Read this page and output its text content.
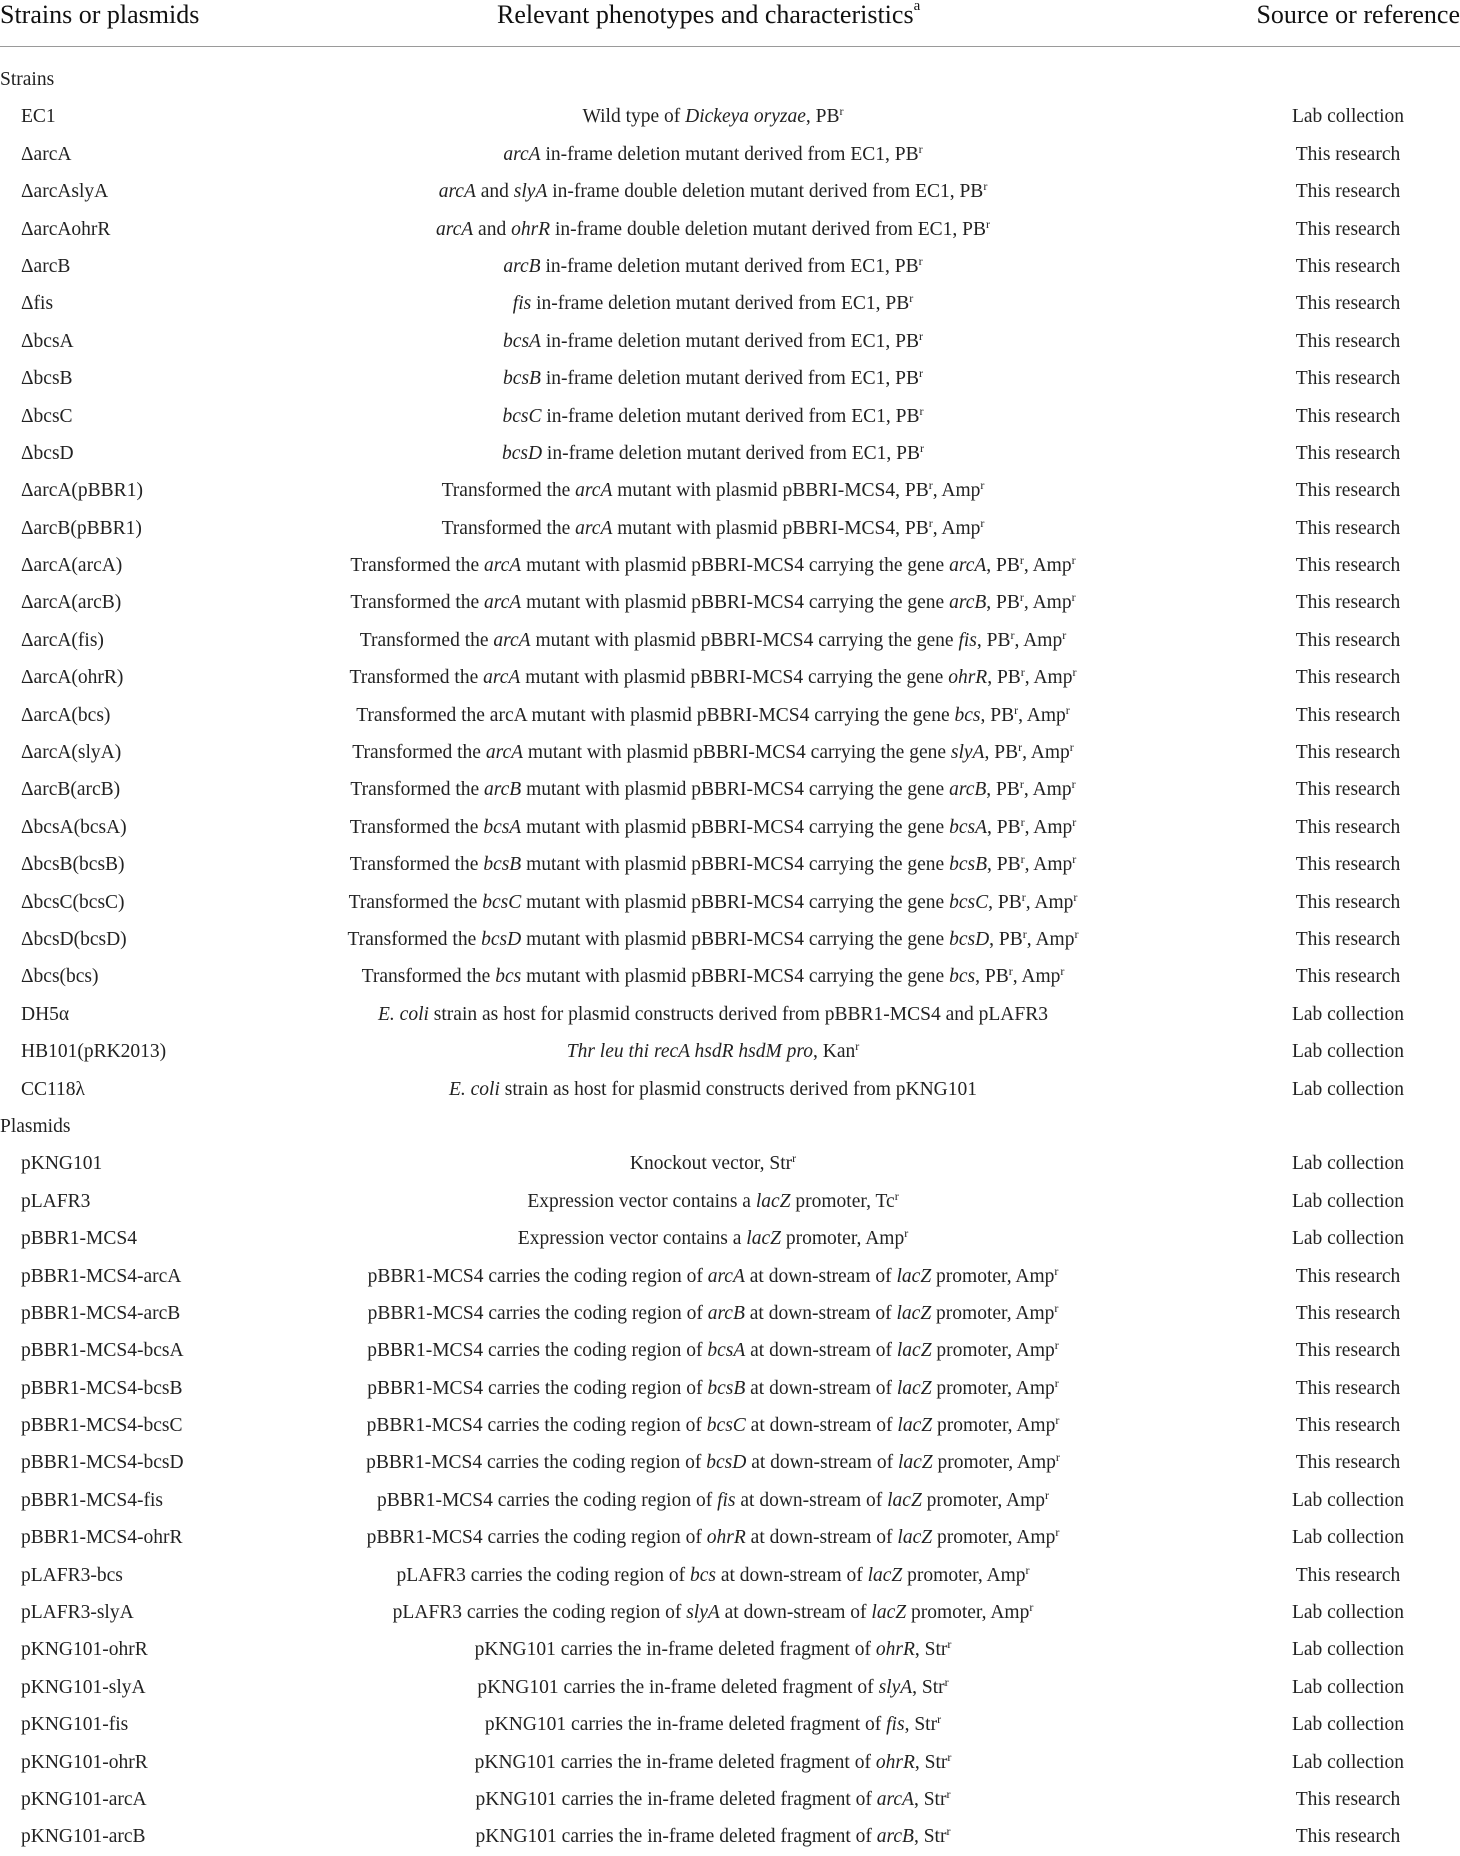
Strains or plasmids	Relevant phenotypes and characteristics$^a$	Source or reference
Strains
EC1	Wild type of Dickeya oryzae, $PB^r$	Lab collection
ΔarcA	arcA in-frame deletion mutant derived from EC1, $PB^r$	This research
ΔarcAslyA	arcA and slyA in-frame double deletion mutant derived from EC1, $PB^r$	This research
ΔarcAohrR	arcA and ohrR in-frame double deletion mutant derived from EC1, $PB^r$	This research
ΔarcB	arcB in-frame deletion mutant derived from EC1, $PB^r$	This research
Δfis	fis in-frame deletion mutant derived from EC1, $PB^r$	This research
ΔbcsA	bcsA in-frame deletion mutant derived from EC1, $PB^r$	This research
ΔbcsB	bcsB in-frame deletion mutant derived from EC1, $PB^r$	This research
ΔbcsC	bcsC in-frame deletion mutant derived from EC1, $PB^r$	This research
ΔbcsD	bcsD in-frame deletion mutant derived from EC1, $PB^r$	This research
ΔarcA(pBBR1)	Transformed the arcA mutant with plasmid pBBRI-MCS4, $PB^r$, Amp$^r$	This research
ΔarcB(pBBR1)	Transformed the arcA mutant with plasmid pBBRI-MCS4, $PB^r$, Amp$^r$	This research
ΔarcA(arcA)	Transformed the arcA mutant with plasmid pBBRI-MCS4 carrying the gene arcA, $PB^r$, Amp$^r$	This research
ΔarcA(arcB)	Transformed the arcA mutant with plasmid pBBRI-MCS4 carrying the gene arcB, $PB^r$, Amp$^r$	This research
ΔarcA(fis)	Transformed the arcA mutant with plasmid pBBRI-MCS4 carrying the gene fis, $PB^r$, Amp$^r$	This research
ΔarcA(ohrR)	Transformed the arcA mutant with plasmid pBBRI-MCS4 carrying the gene ohrR, $PB^r$, Amp$^r$	This research
ΔarcA(bcs)	Transformed the arcA mutant with plasmid pBBRI-MCS4 carrying the gene bcs, $PB^r$, Amp$^r$	This research
ΔarcA(slyA)	Transformed the arcA mutant with plasmid pBBRI-MCS4 carrying the gene slyA, $PB^r$, Amp$^r$	This research
ΔarcB(arcB)	Transformed the arcB mutant with plasmid pBBRI-MCS4 carrying the gene arcB, $PB^r$, Amp$^r$	This research
ΔbcsA(bcsA)	Transformed the bcsA mutant with plasmid pBBRI-MCS4 carrying the gene bcsA, $PB^r$, Amp$^r$	This research
ΔbcsB(bcsB)	Transformed the bcsB mutant with plasmid pBBRI-MCS4 carrying the gene bcsB, $PB^r$, Amp$^r$	This research
ΔbcsC(bcsC)	Transformed the bcsC mutant with plasmid pBBRI-MCS4 carrying the gene bcsC, $PB^r$, Amp$^r$	This research
ΔbcsD(bcsD)	Transformed the bcsD mutant with plasmid pBBRI-MCS4 carrying the gene bcsD, $PB^r$, Amp$^r$	This research
Δbcs(bcs)	Transformed the bcs mutant with plasmid pBBRI-MCS4 carrying the gene bcs, $PB^r$, Amp$^r$	This research
DH5α	E. coli strain as host for plasmid constructs derived from pBBR1-MCS4 and pLAFR3	Lab collection
HB101(pRK2013)	Thr leu thi recA hsdR hsdM pro, Kan$^r$	Lab collection
CC118λ	E. coli strain as host for plasmid constructs derived from pKNG101	Lab collection
Plasmids
pKNG101	Knockout vector, Str$^r$	Lab collection
pLAFR3	Expression vector contains a lacZ promoter, Tc$^r$	Lab collection
pBBR1-MCS4	Expression vector contains a lacZ promoter, Amp$^r$	Lab collection
pBBR1-MCS4-arcA	pBBR1-MCS4 carries the coding region of arcA at down-stream of lacZ promoter, Amp$^r$	This research
pBBR1-MCS4-arcB	pBBR1-MCS4 carries the coding region of arcB at down-stream of lacZ promoter, Amp$^r$	This research
pBBR1-MCS4-bcsA	pBBR1-MCS4 carries the coding region of bcsA at down-stream of lacZ promoter, Amp$^r$	This research
pBBR1-MCS4-bcsB	pBBR1-MCS4 carries the coding region of bcsB at down-stream of lacZ promoter, Amp$^r$	This research
pBBR1-MCS4-bcsC	pBBR1-MCS4 carries the coding region of bcsC at down-stream of lacZ promoter, Amp$^r$	This research
pBBR1-MCS4-bcsD	pBBR1-MCS4 carries the coding region of bcsD at down-stream of lacZ promoter, Amp$^r$	This research
pBBR1-MCS4-fis	pBBR1-MCS4 carries the coding region of fis at down-stream of lacZ promoter, Amp$^r$	Lab collection
pBBR1-MCS4-ohrR	pBBR1-MCS4 carries the coding region of ohrR at down-stream of lacZ promoter, Amp$^r$	Lab collection
pLAFR3-bcs	pLAFR3 carries the coding region of bcs at down-stream of lacZ promoter, Amp$^r$	This research
pLAFR3-slyA	pLAFR3 carries the coding region of slyA at down-stream of lacZ promoter, Amp$^r$	Lab collection
pKNG101-ohrR	pKNG101 carries the in-frame deleted fragment of ohrR, Str$^r$	Lab collection
pKNG101-slyA	pKNG101 carries the in-frame deleted fragment of slyA, Str$^r$	Lab collection
pKNG101-fis	pKNG101 carries the in-frame deleted fragment of fis, Str$^r$	Lab collection
pKNG101-ohrR	pKNG101 carries the in-frame deleted fragment of ohrR, Str$^r$	Lab collection
pKNG101-arcA	pKNG101 carries the in-frame deleted fragment of arcA, Str$^r$	This research
pKNG101-arcB	pKNG101 carries the in-frame deleted fragment of arcB, Str$^r$	This research
